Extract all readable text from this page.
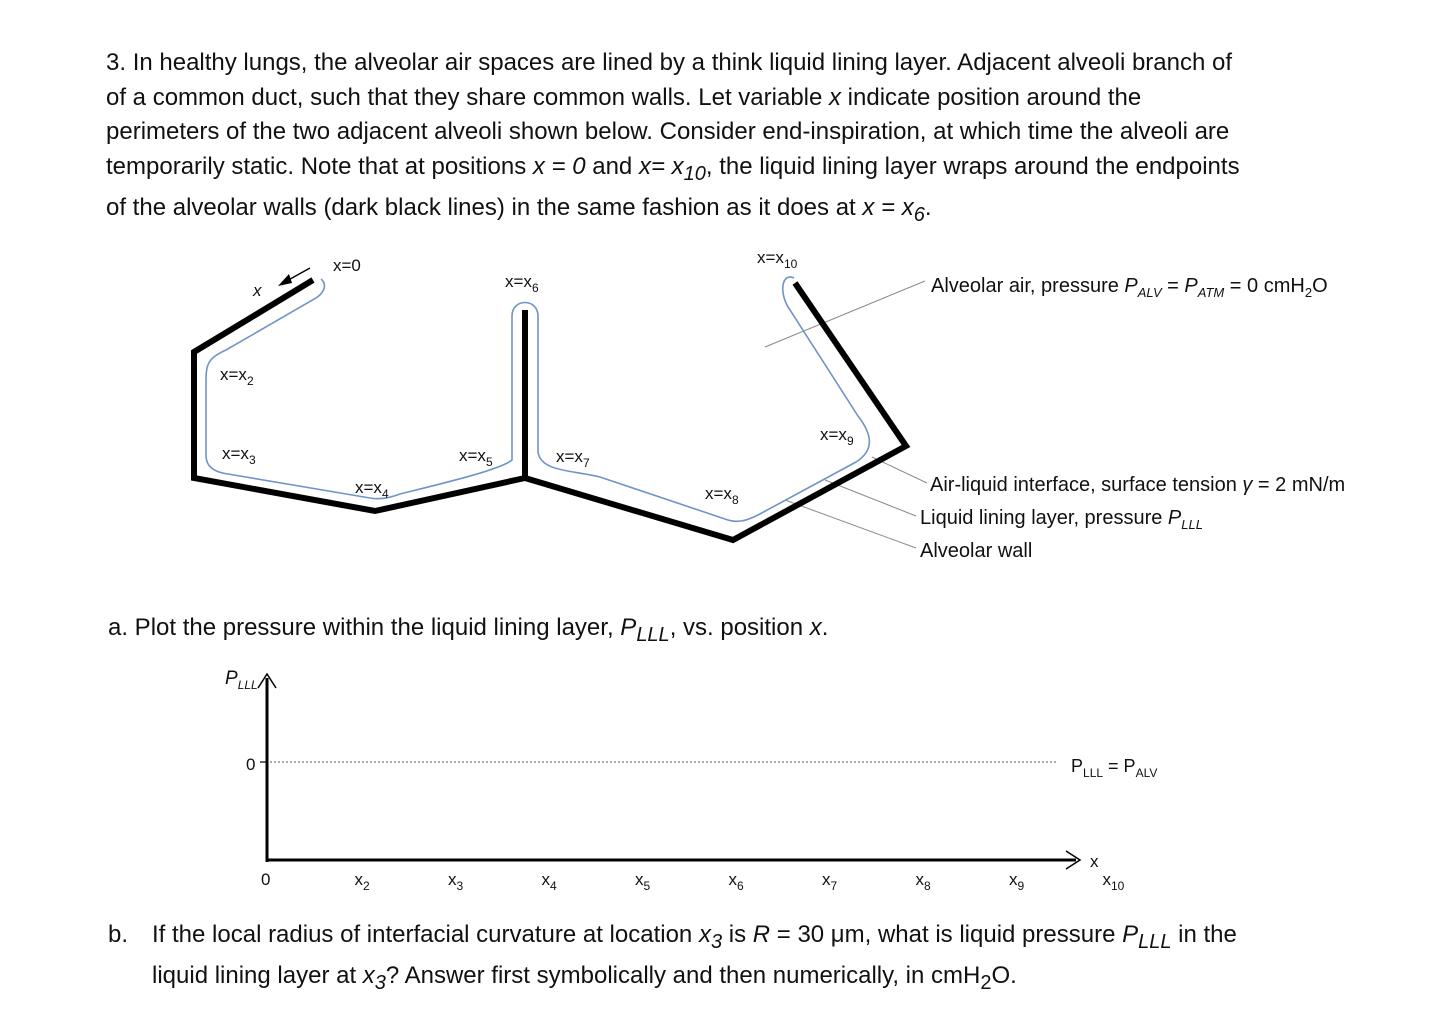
3. In healthy lungs, the alveolar air spaces are lined by a think liquid lining layer. Adjacent alveoli branch of
of a common duct, such that they share common walls. Let variable x indicate position around the
perimeters of the two adjacent alveoli shown below. Consider end-inspiration, at which time the alveoli are
temporarily static. Note that at positions x = 0 and $x= x_{10}$, the liquid lining layer wraps around the endpoints
of the alveolar walls (dark black lines) in the same fashion as it does at $x = x_6$.
x
x=0
$x=x_6$
$x=x_{10}$
$x=x_2$
$x=x_3$
$x=x_4$
$x=x_5$	$x=x_7$
$x=x_8$
$x=x_9$
Alveolar air, pressure $P_{ALV} = P_{ATM} = 0$ cmH$_2$O
Air-liquid interface, surface tension γ = 2 mN/m
Liquid lining layer, pressure $P_{LLL}$
Alveolar wall
$P_{LLL}$
0
x
$P_{LLL} = P_{ALV}$
0	$x_2$	$x_3$	$x_4$	$x_5$	$x_6$	$x_7$	$x_8$	$x_9$	$x_{10}$
a. Plot the pressure within the liquid lining layer, $P_{LLL}$, vs. position x.
b. If the local radius of interfacial curvature at location $x_3$ is R = 30 μm, what is liquid pressure $P_{LLL}$ in the
liquid lining layer at $x_3$? Answer first symbolically and then numerically, in cmH$_2$O.
